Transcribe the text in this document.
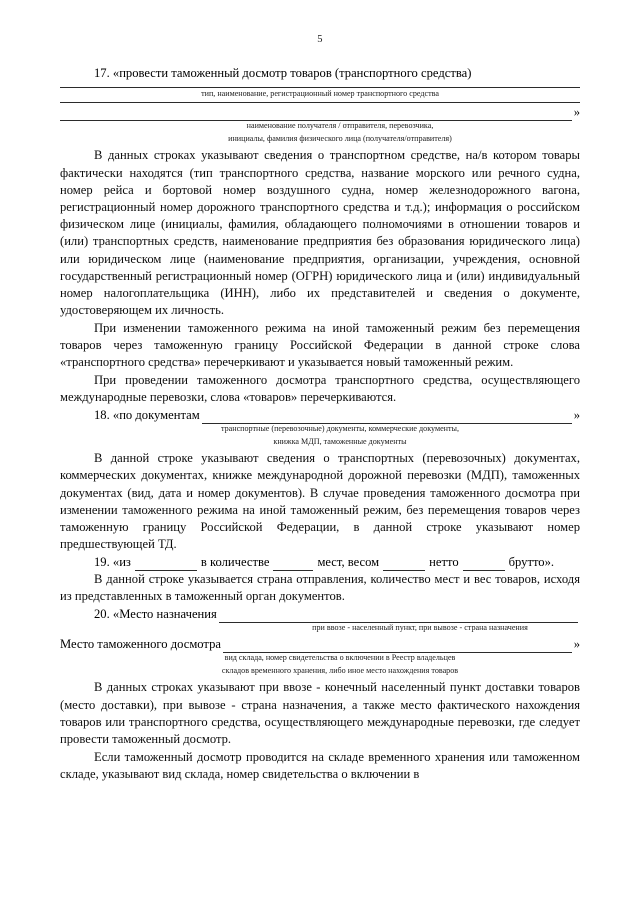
5
17. «провести таможенный досмотр товаров (транспортного средства)
тип, наименование, регистрационный номер транспортного средства
»
наименование получателя / отправителя, перевозчика,
инициалы, фамилия физического лица (получателя/отправителя)

В данных строках указывают сведения о транспортном средстве, на/в котором товары фактически находятся (тип транспортного средства, название морского или речного судна, номер рейса и бортовой номер воздушного судна, номер железнодорожного вагона, регистрационный номер дорожного транспортного средства и т.д.); информация о российском физическом лице (инициалы, фамилия, обладающего полномочиями в отношении товаров и (или) транспортных средств, наименование предприятия без образования юридического лица) или юридическом лице (наименование предприятия, организации, учреждения, основной государственный регистрационный номер (ОГРН) юридического лица и (или) индивидуальный номер налогоплательщика (ИНН), либо их представителей и сведения о документе, удостоверяющем их личность.

При изменении таможенного режима на иной таможенный режим без перемещения товаров через таможенную границу Российской Федерации в данной строке слова «транспортного средства» перечеркивают и указывается новый таможенный режим.

При проведении таможенного досмотра транспортного средства, осуществляющего международные перевозки, слова «товаров» перечеркиваются.

18. «по документам	»
транспортные (перевозочные) документы, коммерческие документы,
книжка МДП, таможенные документы

В данной строке указывают сведения о транспортных (перевозочных) документах, коммерческих документах, книжке международной дорожной перевозки (МДП), таможенных документах (вид, дата и номер документов). В случае проведения таможенного досмотра при изменении таможенного режима на иной таможенный режим, без перемещения товаров через таможенную границу Российской Федерации, в данной строке указывают номер предшествующей ТД.

19. «из	в количестве	мест, весом	нетто	брутто».

В данной строке указывается страна отправления, количество мест и вес товаров, исходя из представленных в таможенный орган документов.

20. «Место назначения
при ввозе - населенный пункт, при вывозе - страна назначения
Место таможенного досмотра	»
вид склада, номер свидетельства о включении в Реестр владельцев
складов временного хранения, либо иное место нахождения товаров

В данных строках указывают при ввозе - конечный населенный пункт доставки товаров (место доставки), при вывозе - страна назначения, а также место фактического нахождения товаров или транспортного средства, осуществляющего международные перевозки, где следует провести таможенный досмотр.

Если таможенный досмотр проводится на складе временного хранения или таможенном складе, указывают вид склада, номер свидетельства о включении в
